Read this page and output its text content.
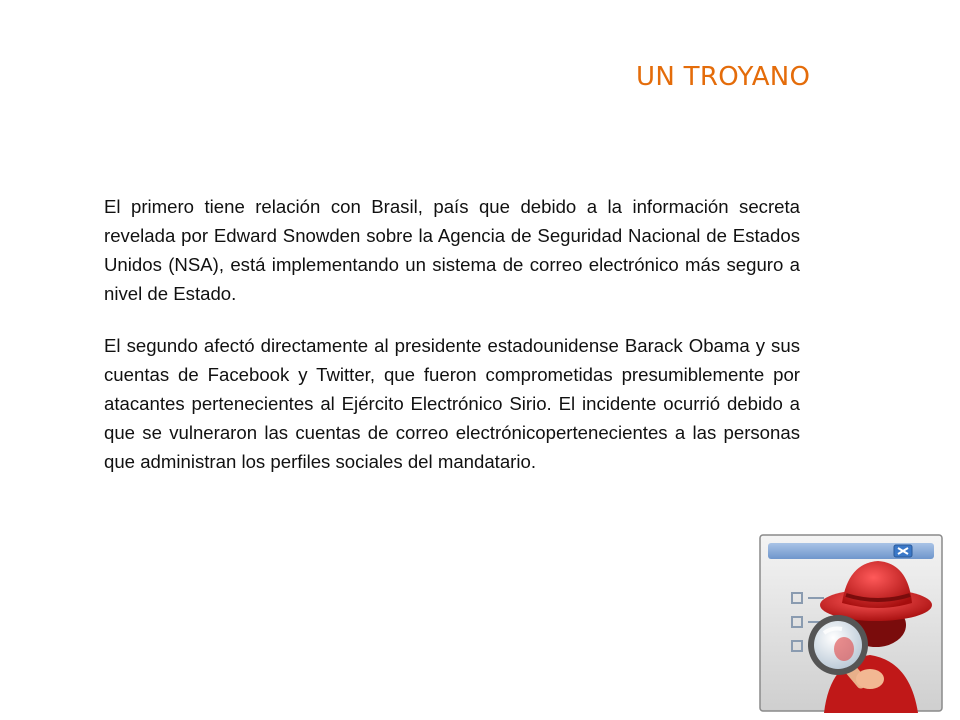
UN TROYANO

El primero tiene relación con Brasil, país que debido a la información secreta revelada por Edward Snowden sobre la Agencia de Seguridad Nacional de Estados Unidos (NSA), está implementando un sistema de correo electrónico más seguro a nivel de Estado.

El segundo afectó directamente al presidente estadounidense Barack Obama y sus cuentas de Facebook y Twitter, que fueron comprometidas presumiblemente por atacantes pertenecientes al Ejército Electrónico Sirio. El incidente ocurrió debido a que se vulneraron las cuentas de correo electrónicopertenecientes a las personas que administran los perfiles sociales del mandatario.
